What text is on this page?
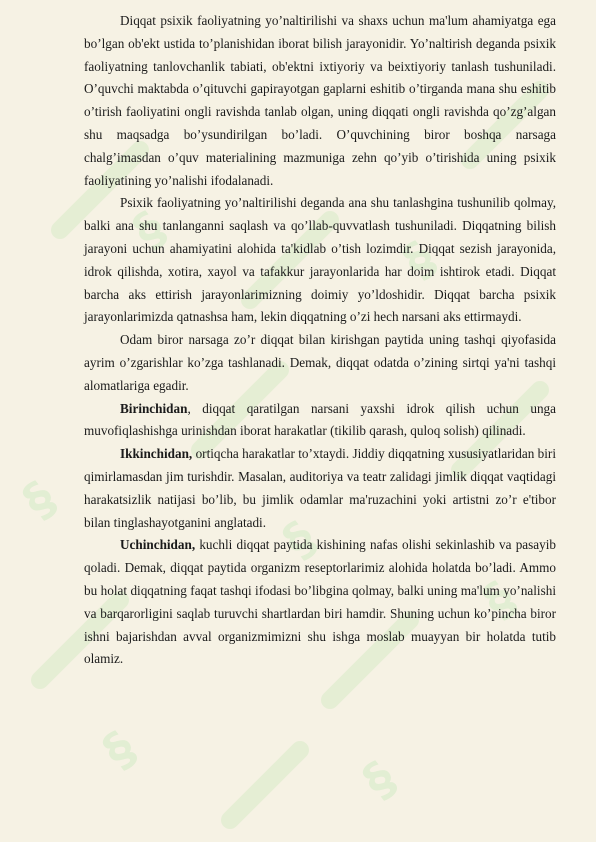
§
§
§
§
§
§
§

Diqqat psixik faoliyatning yo’naltirilishi va shaxs uchun ma'lum ahamiyatga ega bo’lgan ob'ekt ustida to’planishidan iborat bilish jarayonidir. Yo’naltirish deganda psixik faoliyatning tanlovchanlik tabiati, ob'ektni ixtiyoriy va beixtiyoriy tanlash tushuniladi. O’quvchi maktabda o’qituvchi gapirayotgan gaplarni eshitib o’tirganda mana shu eshitib o’tirish faoliyatini ongli ravishda tanlab olgan, uning diqqati ongli ravishda qo’zg’algan shu maqsadga bo’ysundirilgan bo’ladi. O’quvchining biror boshqa narsaga chalg’imasdan o’quv materialining mazmuniga zehn qo’yib o’tirishida uning psixik faoliyatining yo’nalishi ifodalanadi.

Psixik faoliyatning yo’naltirilishi deganda ana shu tanlashgina tushunilib qolmay, balki ana shu tanlanganni saqlash va qo’llab-quvvatlash tushuniladi. Diqqatning bilish jarayoni uchun ahamiyatini alohida ta'kidlab o’tish lozimdir. Diqqat sezish jarayonida, idrok qilishda, xotira, xayol va tafakkur jarayonlarida har doim ishtirok etadi. Diqqat barcha aks ettirish jarayonlarimizning doimiy yo’ldoshidir. Diqqat barcha psixik jarayonlarimizda qatnashsa ham, lekin diqqatning o’zi hech narsani aks ettirmaydi.

Odam biror narsaga zo’r diqqat bilan kirishgan paytida uning tashqi qiyofasida ayrim o’zgarishlar ko’zga tashlanadi. Demak, diqqat odatda o’zining sirtqi ya'ni tashqi alomatlariga egadir.

Birinchidan, diqqat qaratilgan narsani yaxshi idrok qilish uchun unga muvofiqlashishga urinishdan iborat harakatlar (tikilib qarash, quloq solish) qilinadi.

Ikkinchidan, ortiqcha harakatlar to’xtaydi. Jiddiy diqqatning xususiyatlaridan biri qimirlamasdan jim turishdir. Masalan, auditoriya va teatr zalidagi jimlik diqqat vaqtidagi harakatsizlik natijasi bo’lib, bu jimlik odamlar ma'ruzachini yoki artistni zo’r e'tibor bilan tinglashayotganini anglatadi.

Uchinchidan, kuchli diqqat paytida kishining nafas olishi sekinlashib va pasayib qoladi. Demak, diqqat paytida organizm reseptorlarimiz alohida holatda bo’ladi. Ammo bu holat diqqatning faqat tashqi ifodasi bo’libgina qolmay, balki uning ma'lum yo’nalishi va barqarorligini saqlab turuvchi shartlardan biri hamdir. Shuning uchun ko’pincha biror ishni bajarishdan avval organizmimizni shu ishga moslab muayyan bir holatda tutib olamiz.
